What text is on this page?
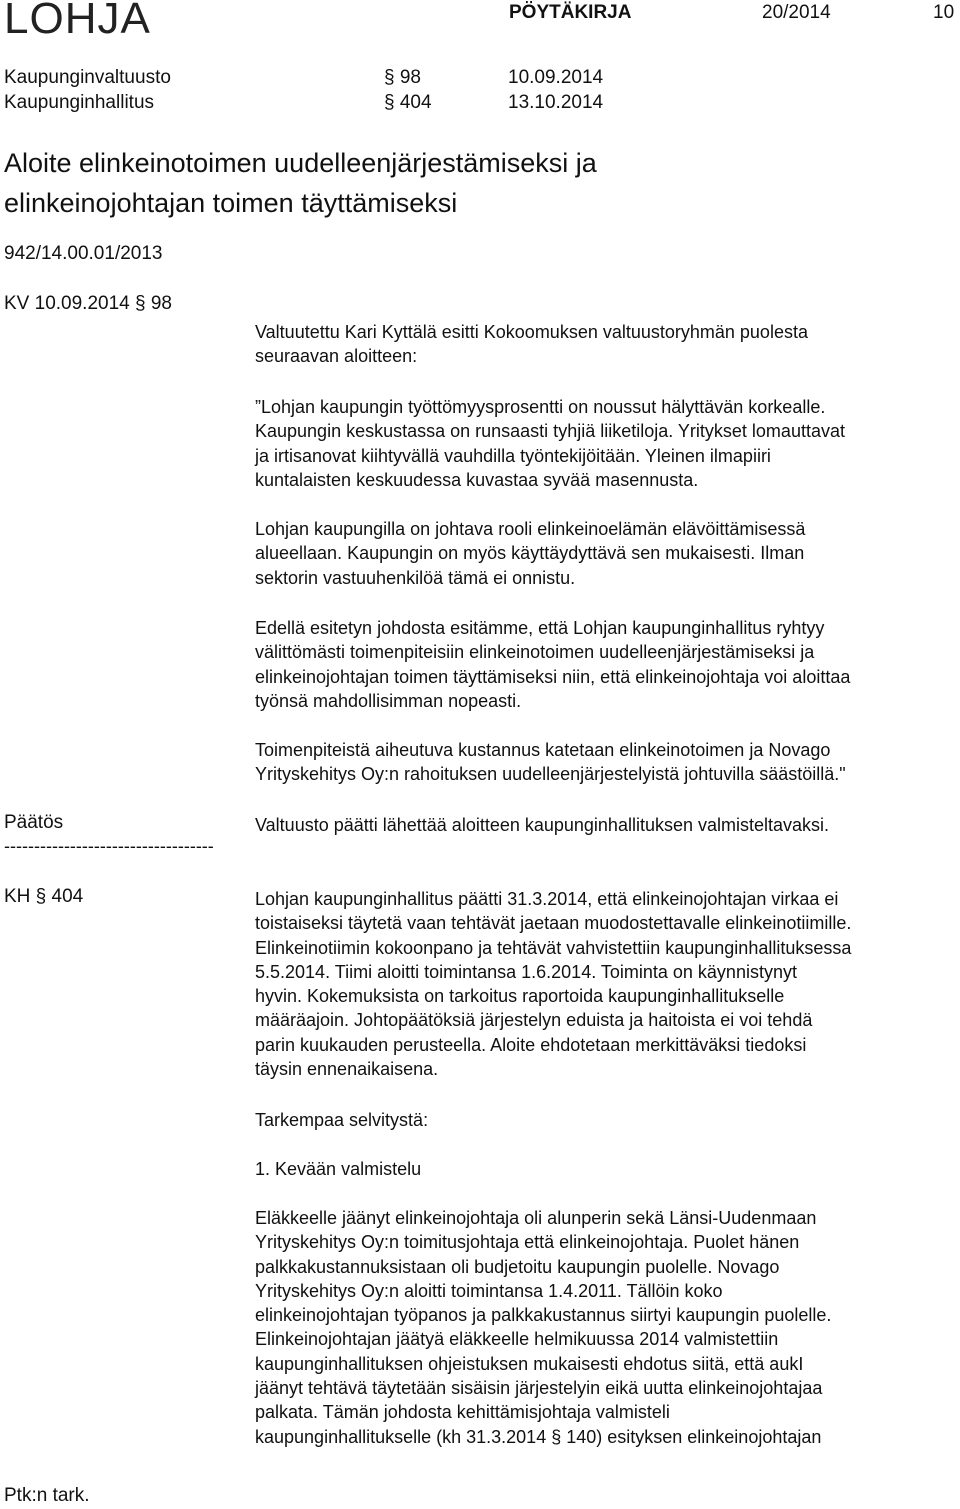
LOHJA	PÖYTÄKIRJA	20/2014	10
Kaupunginvaltuusto	§ 98	10.09.2014
Kaupunginhallitus	§ 404	13.10.2014
Aloite elinkeinotoimen uudelleenjärjestämiseksi ja
elinkeinojohtajan toimen täyttämiseksi
942/14.00.01/2013
KV 10.09.2014 § 98
Valtuutettu Kari Kyttälä esitti Kokoomuksen valtuustoryhmän puolesta
seuraavan aloitteen:
”Lohjan kaupungin työttömyysprosentti on noussut hälyttävän korkealle.
Kaupungin keskustassa on runsaasti tyhjiä liiketiloja. Yritykset lomauttavat
ja irtisanovat kiihtyvällä vauhdilla työntekijöitään. Yleinen ilmapiiri
kuntalaisten keskuudessa kuvastaa syvää masennusta.
Lohjan kaupungilla on johtava rooli elinkeinoelämän elävöittämisessä
alueellaan. Kaupungin on myös käyttäydyttävä sen mukaisesti. Ilman
sektorin vastuuhenkilöä tämä ei onnistu.
Edellä esitetyn johdosta esitämme, että Lohjan kaupunginhallitus ryhtyy
välittömästi toimenpiteisiin elinkeinotoimen uudelleenjärjestämiseksi ja
elinkeinojohtajan toimen täyttämiseksi niin, että elinkeinojohtaja voi aloittaa
työnsä mahdollisimman nopeasti.
Toimenpiteistä aiheutuva kustannus katetaan elinkeinotoimen ja Novago
Yrityskehitys Oy:n rahoituksen uudelleenjärjestelyistä johtuvilla säästöillä."
Päätös	Valtuusto päätti lähettää aloitteen kaupunginhallituksen valmisteltavaksi.
-----------------------------------
KH § 404	Lohjan kaupunginhallitus päätti 31.3.2014, että elinkeinojohtajan virkaa ei
toistaiseksi täytetä vaan tehtävät jaetaan muodostettavalle elinkeinotiimille.
Elinkeinotiimin kokoonpano ja tehtävät vahvistettiin kaupunginhallituksessa
5.5.2014. Tiimi aloitti toimintansa 1.6.2014. Toiminta on käynnistynyt
hyvin. Kokemuksista on tarkoitus raportoida kaupunginhallitukselle
määräajoin. Johtopäätöksiä järjestelyn eduista ja haitoista ei voi tehdä
parin kuukauden perusteella. Aloite ehdotetaan merkittäväksi tiedoksi
täysin ennenaikaisena.
Tarkempaa selvitystä:
1. Kevään valmistelu
Eläkkeelle jäänyt elinkeinojohtaja oli alunperin sekä Länsi-Uudenmaan
Yrityskehitys Oy:n toimitusjohtaja että elinkeinojohtaja. Puolet hänen
palkkakustannuksistaan oli budjetoitu kaupungin puolelle. Novago
Yrityskehitys Oy:n aloitti toimintansa 1.4.2011. Tällöin koko
elinkeinojohtajan työpanos ja palkkakustannus siirtyi kaupungin puolelle.
Elinkeinojohtajan jäätyä eläkkeelle helmikuussa 2014 valmistettiin
kaupunginhallituksen ohjeistuksen mukaisesti ehdotus siitä, että aukI
jäänyt tehtävä täytetään sisäisin järjestelyin eikä uutta elinkeinojohtajaa
palkata. Tämän johdosta kehittämisjohtaja valmisteli
kaupunginhallitukselle (kh 31.3.2014 § 140) esityksen elinkeinojohtajan
Ptk:n tark.
